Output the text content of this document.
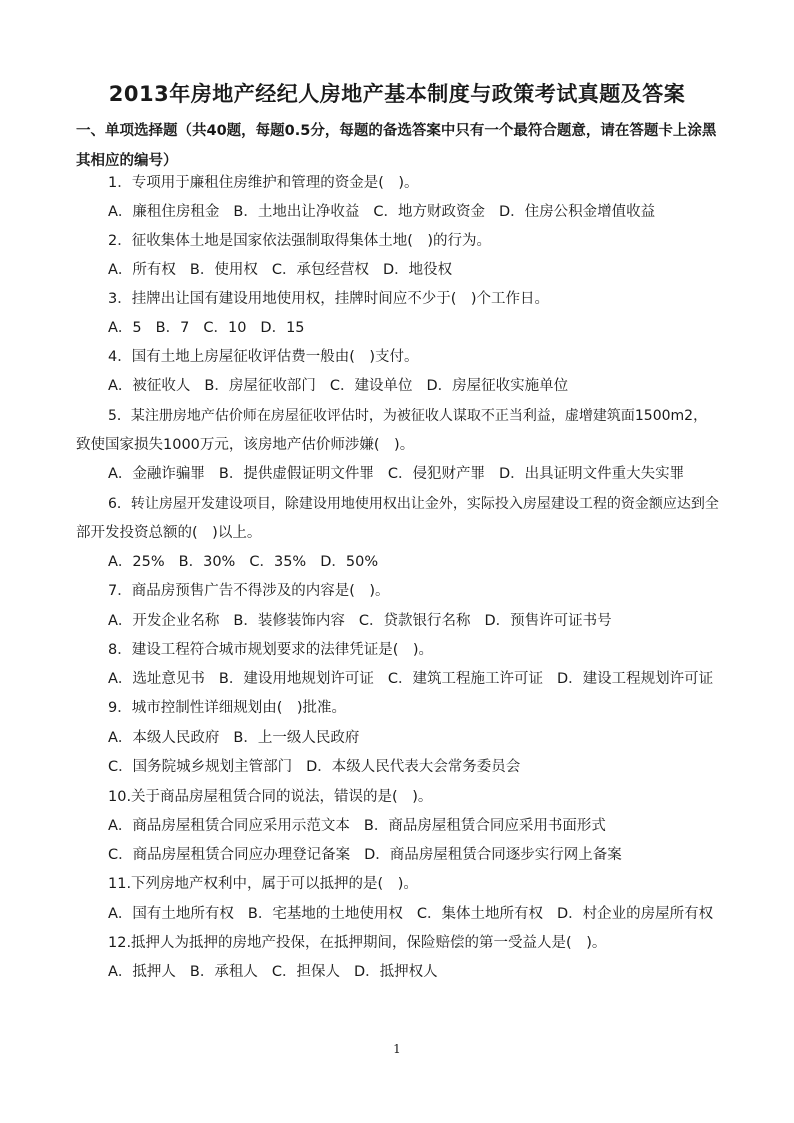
2013年房地产经纪人房地产基本制度与政策考试真题及答案
一、单项选择题（共40题，每题0.5分，每题的备选答案中只有一个最符合题意，请在答题卡上涂黑其相应的编号）
1．专项用于廉租住房维护和管理的资金是(　)。
A．廉租住房租金 B．土地出让净收益 C．地方财政资金 D．住房公积金增值收益
2．征收集体土地是国家依法强制取得集体土地(　)的行为。
A．所有权 B．使用权 C．承包经营权 D．地役权
3．挂牌出让国有建设用地使用权，挂牌时间应不少于(　)个工作日。
A．5 B．7 C．10 D．15
4．国有土地上房屋征收评估费一般由(　)支付。
A．被征收人 B．房屋征收部门 C．建设单位 D．房屋征收实施单位
5．某注册房地产估价师在房屋征收评估时，为被征收人谋取不正当利益，虚增建筑面1500m2，
致使国家损失1000万元，该房地产估价师涉嫌(　)。
A．金融诈骗罪 B．提供虚假证明文件罪 C．侵犯财产罪 D．出具证明文件重大失实罪
6．转让房屋开发建设项目，除建设用地使用权出让金外，实际投入房屋建设工程的资金额应达到全
部开发投资总额的(　)以上。
A．25% B．30% C．35% D．50%
7．商品房预售广告不得涉及的内容是(　)。
A．开发企业名称 B．装修装饰内容 C．贷款银行名称 D．预售许可证书号
8．建设工程符合城市规划要求的法律凭证是(　)。
A．选址意见书 B．建设用地规划许可证 C．建筑工程施工许可证 D．建设工程规划许可证
9．城市控制性详细规划由(　)批准。
A．本级人民政府 B．上一级人民政府
C．国务院城乡规划主管部门 D．本级人民代表大会常务委员会
10.关于商品房屋租赁合同的说法，错误的是(　)。
A．商品房屋租赁合同应采用示范文本 B．商品房屋租赁合同应采用书面形式
C．商品房屋租赁合同应办理登记备案 D．商品房屋租赁合同逐步实行网上备案
11.下列房地产权利中，属于可以抵押的是(　)。
A．国有土地所有权 B．宅基地的土地使用权 C．集体土地所有权 D．村企业的房屋所有权
12.抵押人为抵押的房地产投保，在抵押期间，保险赔偿的第一受益人是(　)。
A．抵押人 B．承租人 C．担保人 D．抵押权人
1
